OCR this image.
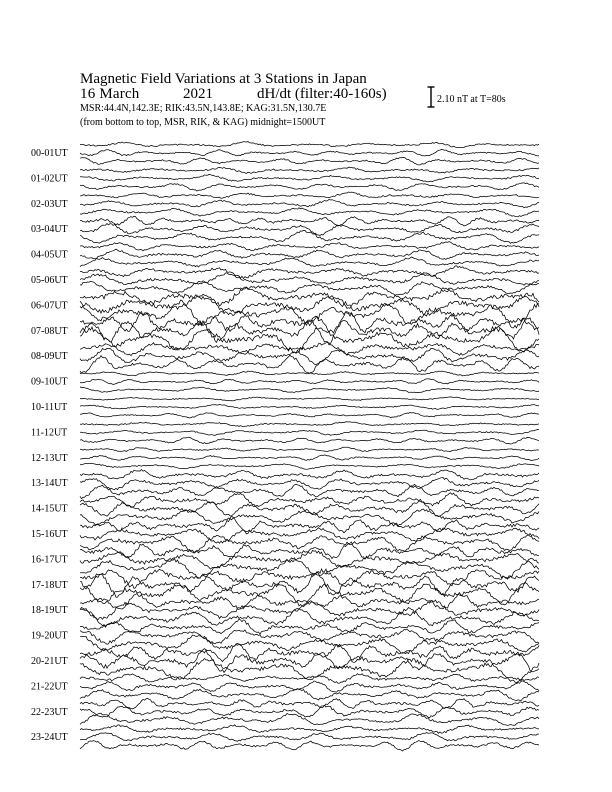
Magnetic Field Variations at 3 Stations in Japan
16 March	2021	dH/dt (filter:40-160s)
MSR:44.4N,142.3E; RIK:43.5N,143.8E; KAG:31.5N,130.7E
(from bottom to top, MSR, RIK, & KAG) midnight=1500UT
2.10 nT at T=80s
00-01UT
01-02UT
02-03UT
03-04UT
04-05UT
05-06UT
06-07UT
07-08UT
08-09UT
09-10UT
10-11UT
11-12UT
12-13UT
13-14UT
14-15UT
15-16UT
16-17UT
17-18UT
18-19UT
19-20UT
20-21UT
21-22UT
22-23UT
23-24UT
